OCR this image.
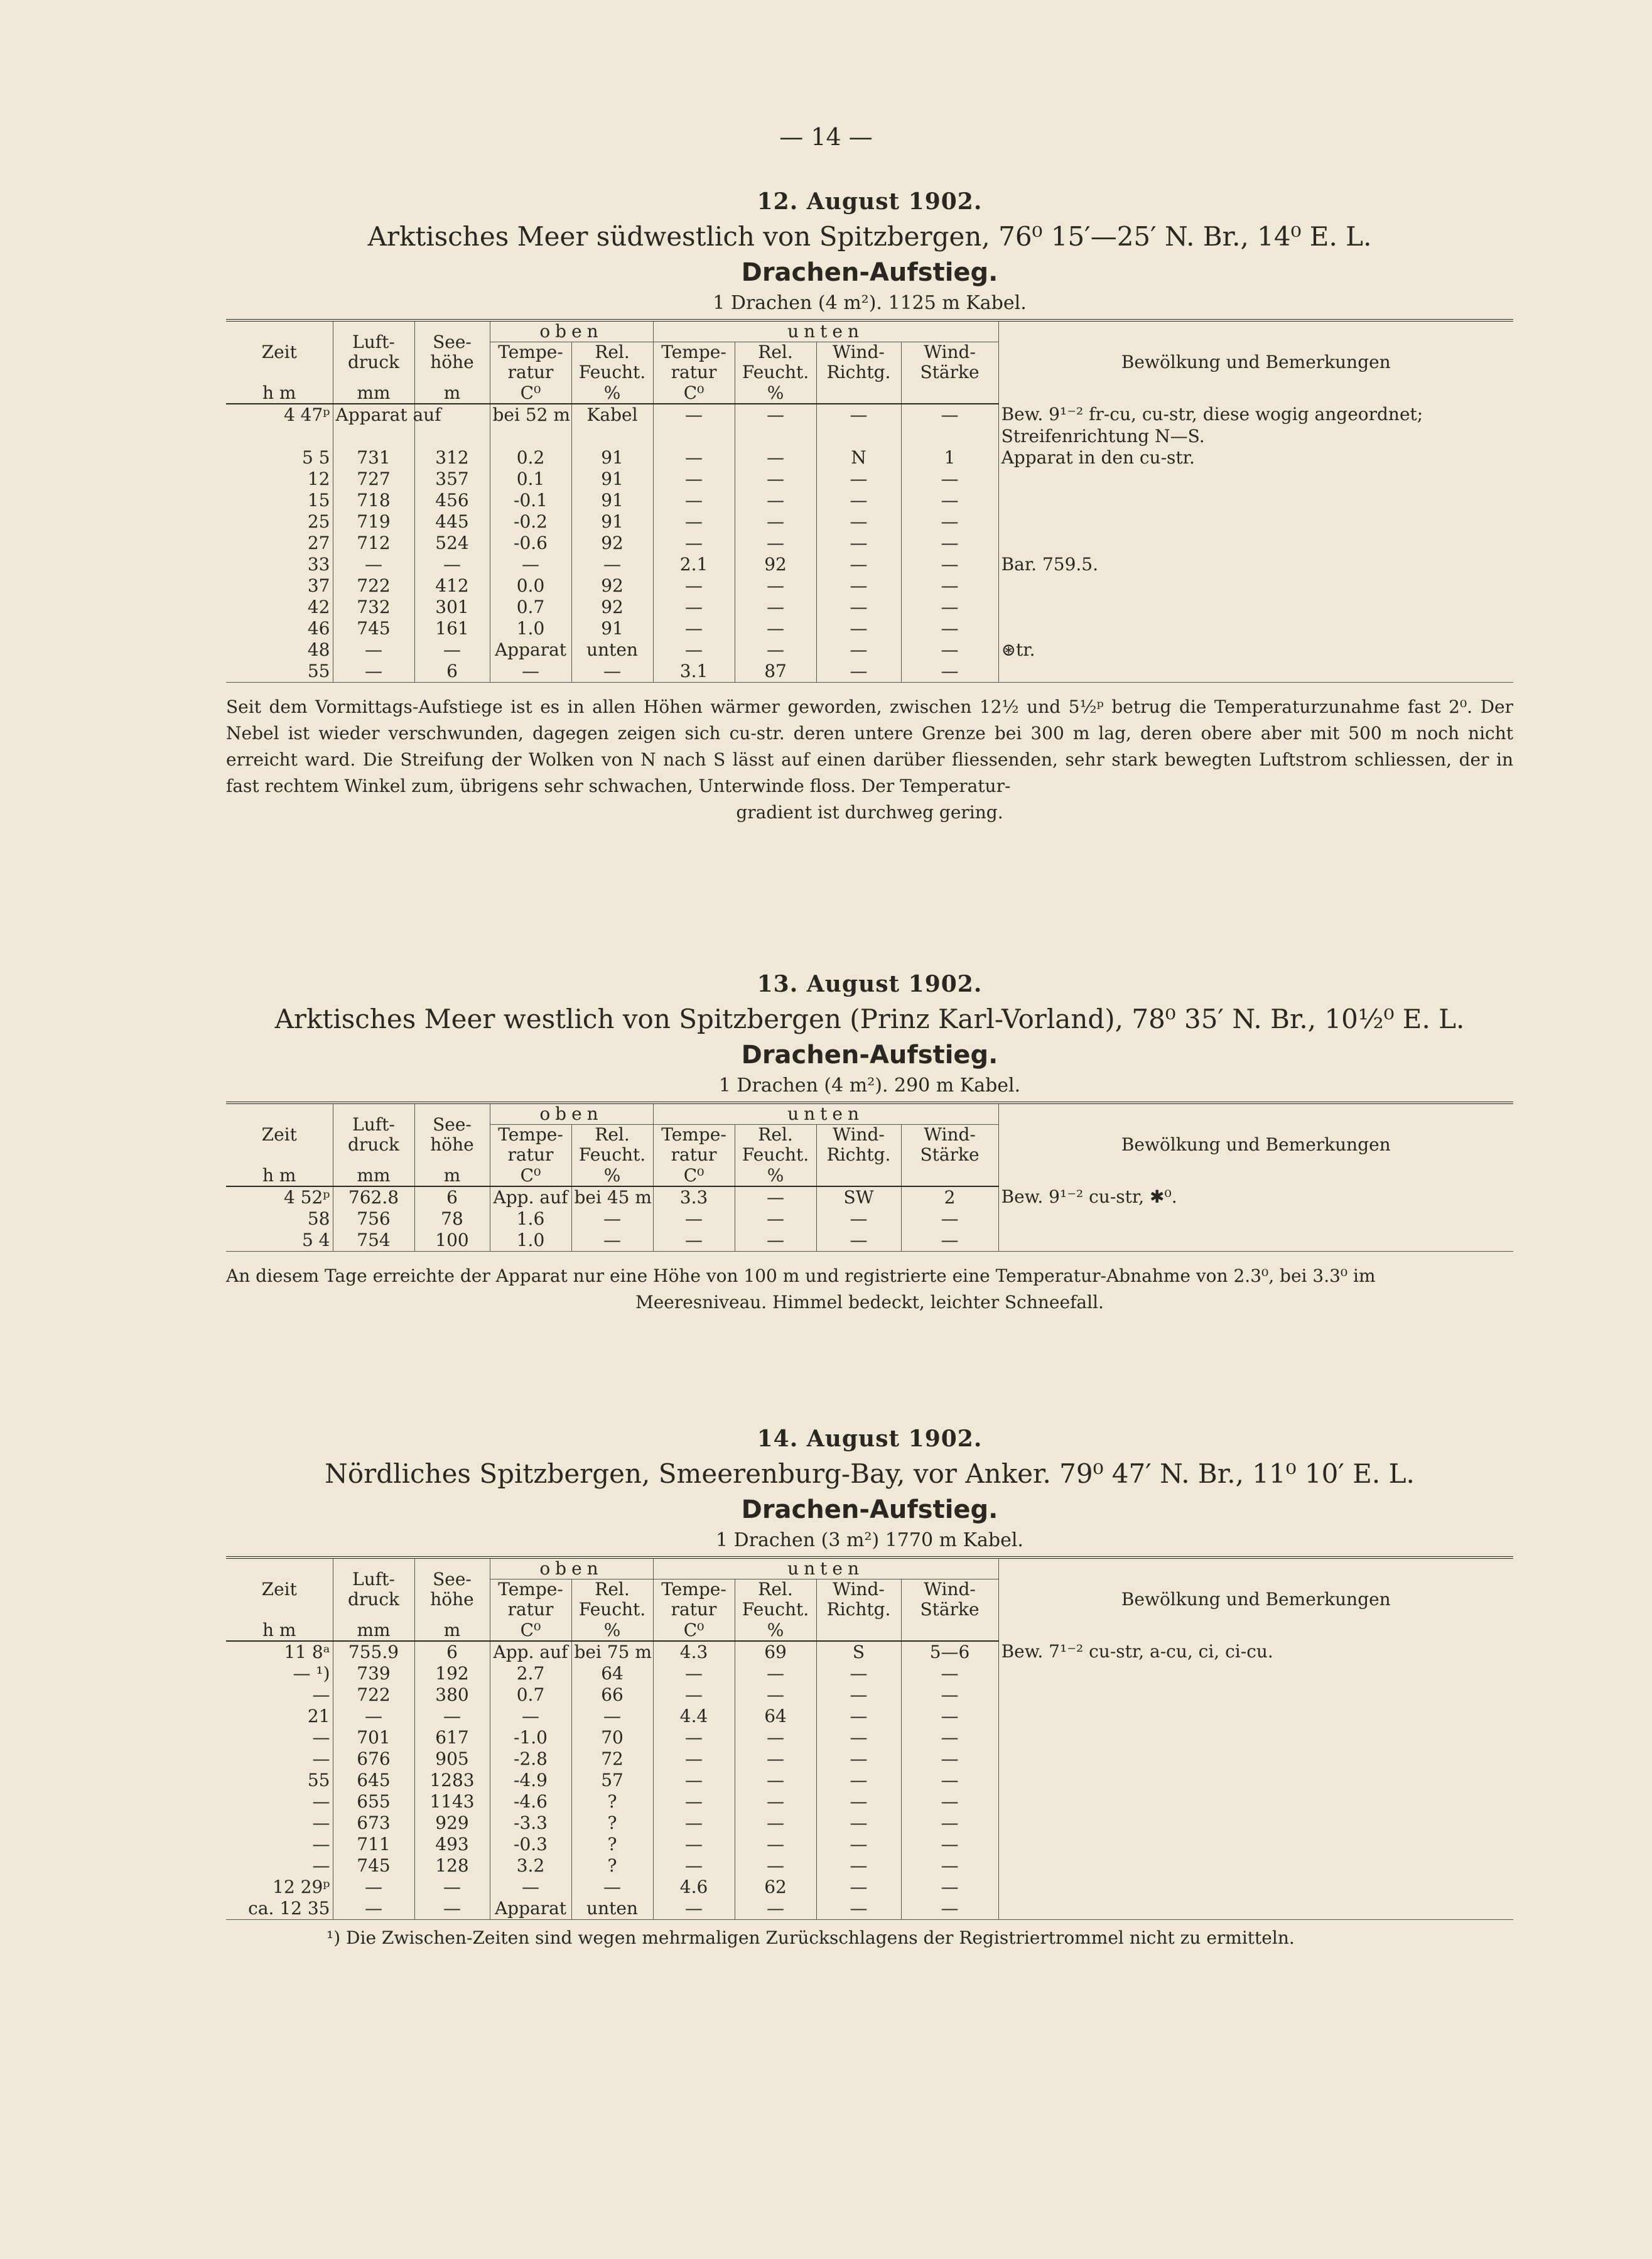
— 14 —
12. August 1902.
Arktisches Meer südwestlich von Spitzbergen, 76⁰ 15′—25′ N. Br., 14⁰ E. L.
Drachen-Aufstieg.
1 Drachen (4 m²). 1125 m Kabel.
Zeit	Luft-druck	See-höhe	oben		unten				Bewölkung und Bemerkungen
			Tempe-ratur	Rel. Feucht.	Tempe-ratur	Rel. Feucht.	Wind-Richtg.	Wind-Stärke	
h m	mm	m	C⁰	%	C⁰	%			
4 47ᵖ	Apparat auf		bei 52 m	Kabel	—	—	—	—	Bew. 9¹⁻² fr-cu, cu-str, diese wogig angeordnet;
									Streifenrichtung N—S.
5 5	731	312	0.2	91	—	—	N	1	Apparat in den cu-str.
12	727	357	0.1	91	—	—	—	—	
15	718	456	-0.1	91	—	—	—	—	
25	719	445	-0.2	91	—	—	—	—	
27	712	524	-0.6	92	—	—	—	—	
33	—	—	—	—	2.1	92	—	—	Bar. 759.5.
37	722	412	0.0	92	—	—	—	—	
42	732	301	0.7	92	—	—	—	—	
46	745	161	1.0	91	—	—	—	—	
48	—	—	Apparat	unten	—	—	—	—	⊛tr.
55	—	6	—	—	3.1	87	—	—	
Seit dem Vormittags-Aufstiege ist es in allen Höhen wärmer geworden, zwischen 12½ und 5½ᵖ betrug die Temperaturzunahme fast 2⁰. Der Nebel ist wieder verschwunden, dagegen zeigen sich cu-str. deren untere Grenze bei 300 m lag, deren obere aber mit 500 m noch nicht erreicht ward. Die Streifung der Wolken von N nach S lässt auf einen darüber fliessenden, sehr stark bewegten Luftstrom schliessen, der in fast rechtem Winkel zum, übrigens sehr schwachen, Unterwinde floss. Der Temperatur-
gradient ist durchweg gering.
13. August 1902.
Arktisches Meer westlich von Spitzbergen (Prinz Karl-Vorland), 78⁰ 35′ N. Br., 10½⁰ E. L.
Drachen-Aufstieg.
1 Drachen (4 m²). 290 m Kabel.
Zeit	Luft-druck	See-höhe	oben		unten				Bewölkung und Bemerkungen
			Tempe-ratur	Rel. Feucht.	Tempe-ratur	Rel. Feucht.	Wind-Richtg.	Wind-Stärke	
h m	mm	m	C⁰	%	C⁰	%			
4 52ᵖ	762.8	6	App. auf	bei 45 m	3.3	—	SW	2	Bew. 9¹⁻² cu-str, ✱⁰.
58	756	78	1.6	—	—	—	—	—	
5 4	754	100	1.0	—	—	—	—	—	
An diesem Tage erreichte der Apparat nur eine Höhe von 100 m und registrierte eine Temperatur-Abnahme von 2.3⁰, bei 3.3⁰ im
Meeresniveau. Himmel bedeckt, leichter Schneefall.
14. August 1902.
Nördliches Spitzbergen, Smeerenburg-Bay, vor Anker. 79⁰ 47′ N. Br., 11⁰ 10′ E. L.
Drachen-Aufstieg.
1 Drachen (3 m²) 1770 m Kabel.
Zeit	Luft-druck	See-höhe	oben		unten				Bewölkung und Bemerkungen
			Tempe-ratur	Rel. Feucht.	Tempe-ratur	Rel. Feucht.	Wind-Richtg.	Wind-Stärke	
h m	mm	m	C⁰	%	C⁰	%			
11 8ᵃ	755.9	6	App. auf	bei 75 m	4.3	69	S	5—6	Bew. 7¹⁻² cu-str, a-cu, ci, ci-cu.
— ¹)	739	192	2.7	64	—	—	—	—	
—	722	380	0.7	66	—	—	—	—	
21	—	—	—	—	4.4	64	—	—	
—	701	617	-1.0	70	—	—	—	—	
—	676	905	-2.8	72	—	—	—	—	
55	645	1283	-4.9	57	—	—	—	—	
—	655	1143	-4.6	?	—	—	—	—	
—	673	929	-3.3	?	—	—	—	—	
—	711	493	-0.3	?	—	—	—	—	
—	745	128	3.2	?	—	—	—	—	
12 29ᵖ	—	—	—	—	4.6	62	—	—	
ca. 12 35	—	—	Apparat	unten	—	—	—	—	
¹) Die Zwischen-Zeiten sind wegen mehrmaligen Zurückschlagens der Registriertrommel nicht zu ermitteln.
